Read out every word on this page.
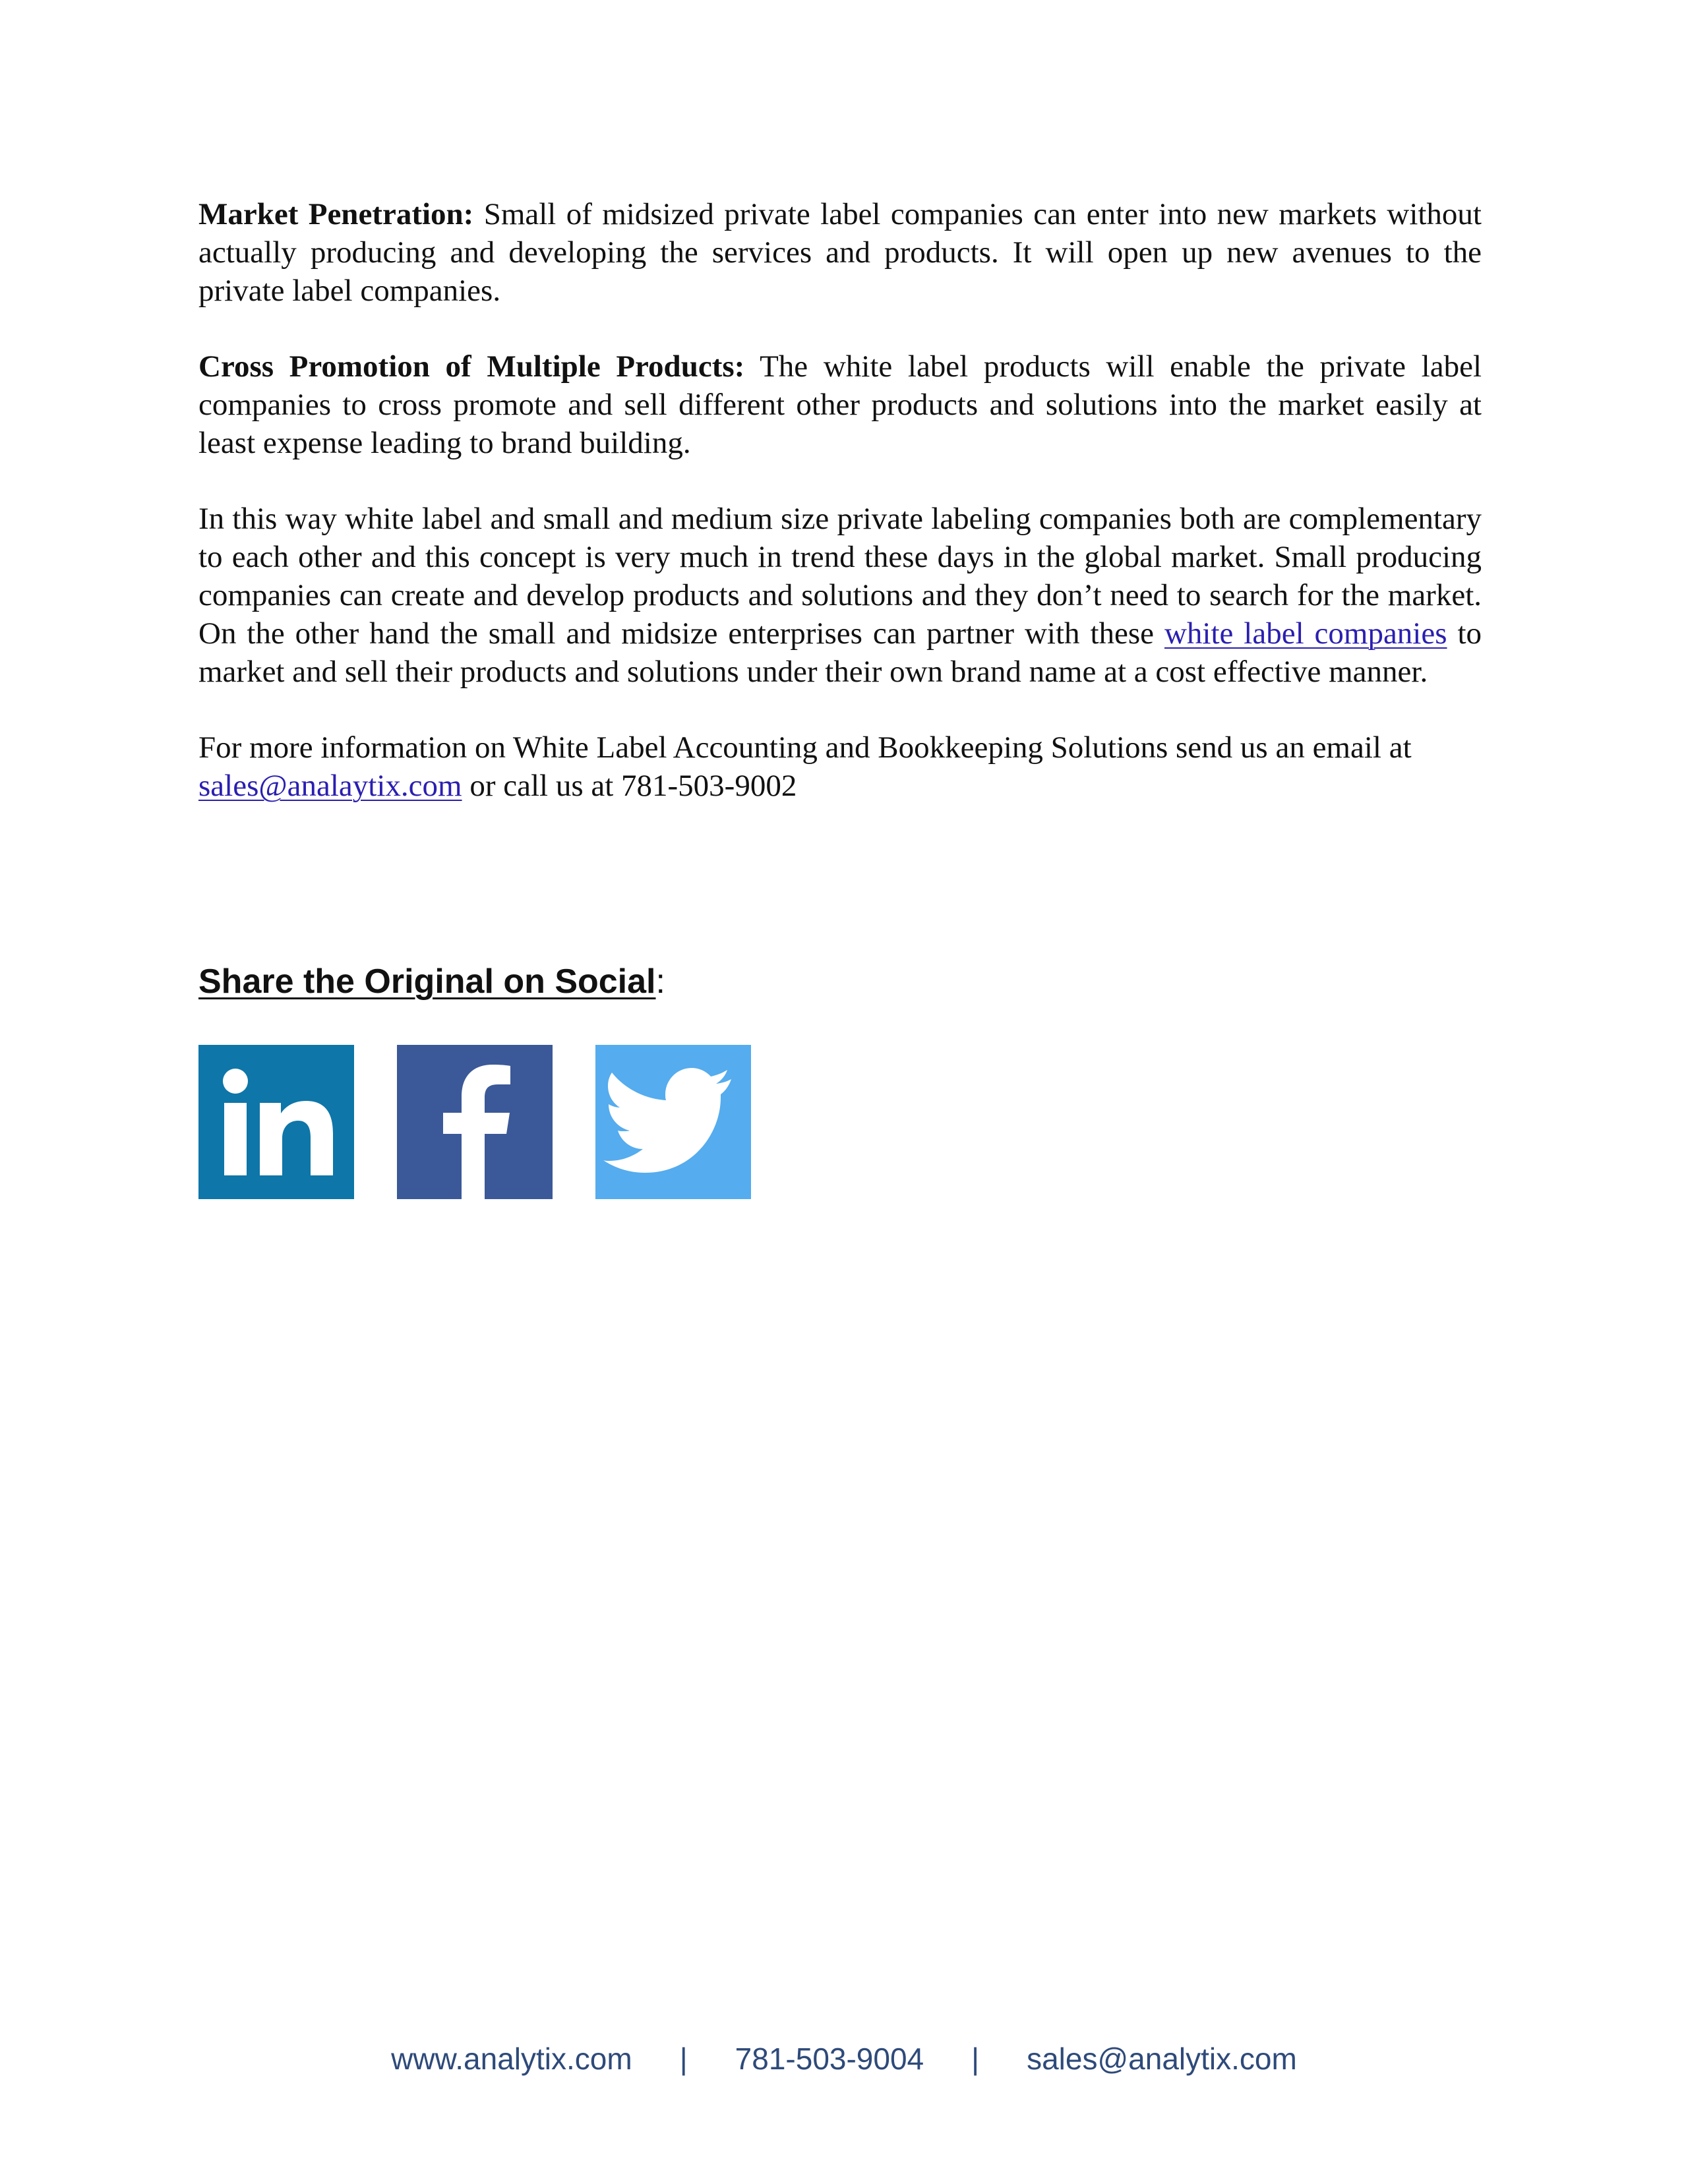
Market Penetration: Small of midsized private label companies can enter into new markets without actually producing and developing the services and products. It will open up new avenues to the private label companies.

Cross Promotion of Multiple Products: The white label products will enable the private label companies to cross promote and sell different other products and solutions into the market easily at least expense leading to brand building.

In this way white label and small and medium size private labeling companies both are complementary to each other and this concept is very much in trend these days in the global market. Small producing companies can create and develop products and solutions and they don’t need to search for the market. On the other hand the small and midsize enterprises can partner with these white label companies to market and sell their products and solutions under their own brand name at a cost effective manner.

For more information on White Label Accounting and Bookkeeping Solutions send us an email at sales@analaytix.com or call us at 781-503-9002

Share the Original on Social:
www.analytix.com | 781-503-9004 | sales@analytix.com
